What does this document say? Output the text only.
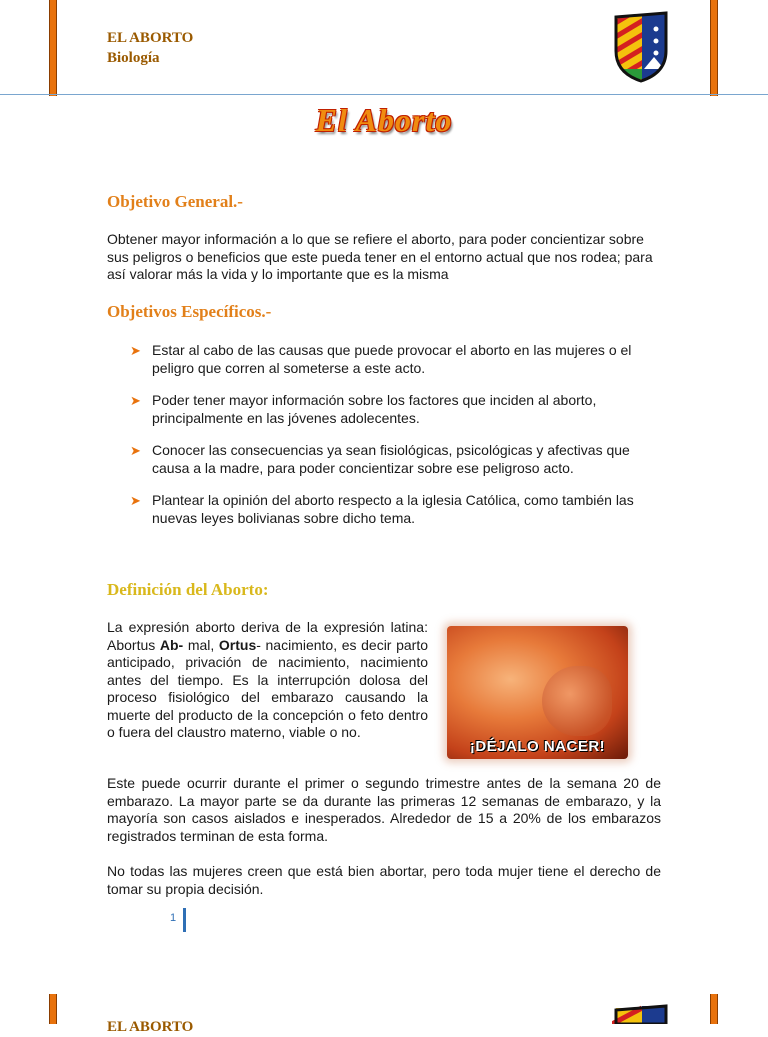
EL ABORTO
Biología
El Aborto
Objetivo General.-
Obtener mayor información a lo que se refiere el aborto, para poder concientizar sobre sus peligros o beneficios que este pueda tener en el entorno actual que nos rodea; para así valorar más la vida y lo importante que es la misma
Objetivos Específicos.-
➤ Estar al cabo de las causas que puede provocar el aborto en las mujeres o el peligro que corren al someterse a este acto.
➤ Poder tener mayor información sobre los factores que inciden al aborto, principalmente en las jóvenes adolecentes.
➤ Conocer las consecuencias ya sean fisiológicas, psicológicas y afectivas que causa a la madre, para poder concientizar sobre ese peligroso acto.
➤ Plantear la opinión del aborto respecto a la iglesia Católica, como también las nuevas leyes bolivianas sobre dicho tema.
Definición del Aborto:
La expresión aborto deriva de la expresión latina: Abortus Ab- mal, Ortus- nacimiento, es decir parto anticipado, privación de nacimiento, nacimiento antes del tiempo. Es la interrupción dolosa del proceso fisiológico del embarazo causando la muerte del producto de la concepción o feto dentro o fuera del claustro materno, viable o no.
¡DÉJALO NACER!
Este puede ocurrir durante el primer o segundo trimestre antes de la semana 20 de embarazo. La mayor parte se da durante las primeras 12 semanas de embarazo, y la mayoría son casos aislados e inesperados. Alrededor de 15 a 20% de los embarazos registrados terminan de esta forma.
No todas las mujeres creen que está bien abortar, pero toda mujer tiene el derecho de tomar su propia decisión.
1
EL ABORTO
